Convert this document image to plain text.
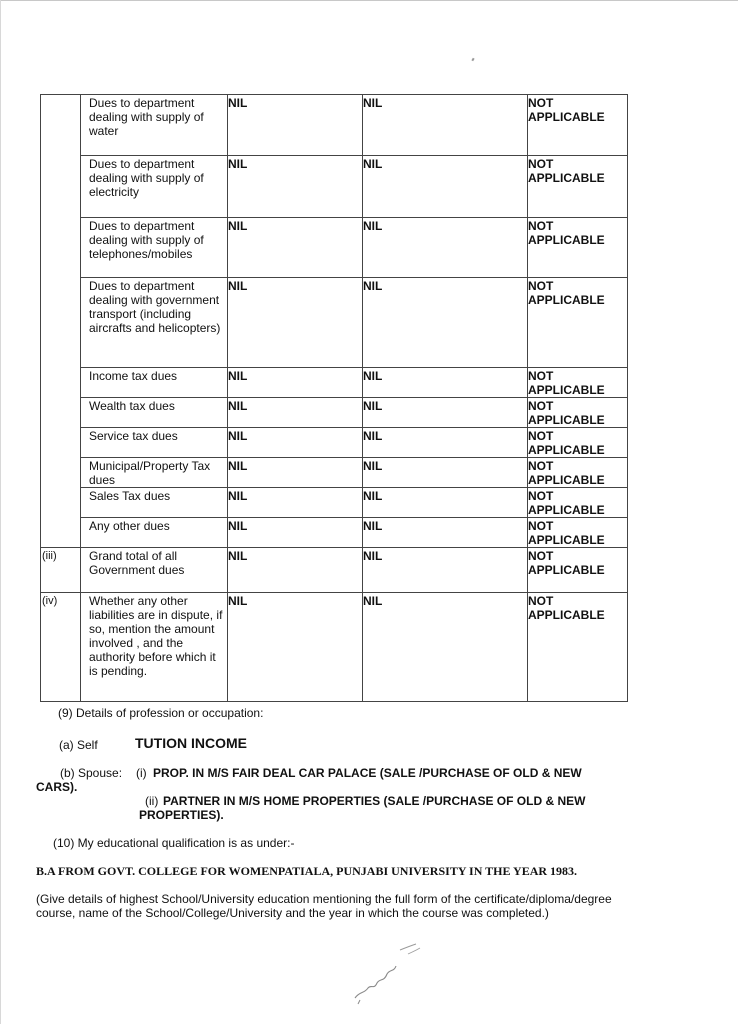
	Dues to department dealing with supply of water	NIL	NIL	NOT APPLICABLE
	Dues to department dealing with supply of electricity	NIL	NIL	NOT APPLICABLE
	Dues to department dealing with supply of telephones/mobiles	NIL	NIL	NOT APPLICABLE
	Dues to department dealing with government transport (including aircrafts and helicopters)	NIL	NIL	NOT APPLICABLE
	Income tax dues	NIL	NIL	NOT APPLICABLE
	Wealth tax dues	NIL	NIL	NOT APPLICABLE
	Service tax dues	NIL	NIL	NOT APPLICABLE
	Municipal/Property Tax dues	NIL	NIL	NOT APPLICABLE
	Sales Tax dues	NIL	NIL	NOT APPLICABLE
	Any other dues	NIL	NIL	NOT APPLICABLE
(iii)	Grand total of all Government dues	NIL	NIL	NOT APPLICABLE
(iv)	Whether any other liabilities are in dispute, if so, mention the amount involved , and the authority before which it is pending.	NIL	NIL	NOT APPLICABLE
(9) Details of profession or occupation:
(a) Self	TUTION INCOME
(b) Spouse: (i) PROP. IN M/S FAIR DEAL CAR PALACE (SALE /PURCHASE OF OLD & NEW
CARS).
(ii) PARTNER IN M/S HOME PROPERTIES (SALE /PURCHASE OF OLD & NEW
PROPERTIES).
(10) My educational qualification is as under:-
B.A FROM GOVT. COLLEGE FOR WOMENPATIALA, PUNJABI UNIVERSITY IN THE YEAR 1983.
(Give details of highest School/University education mentioning the full form of the certificate/diploma/degree
course, name of the School/College/University and the year in which the course was completed.)
